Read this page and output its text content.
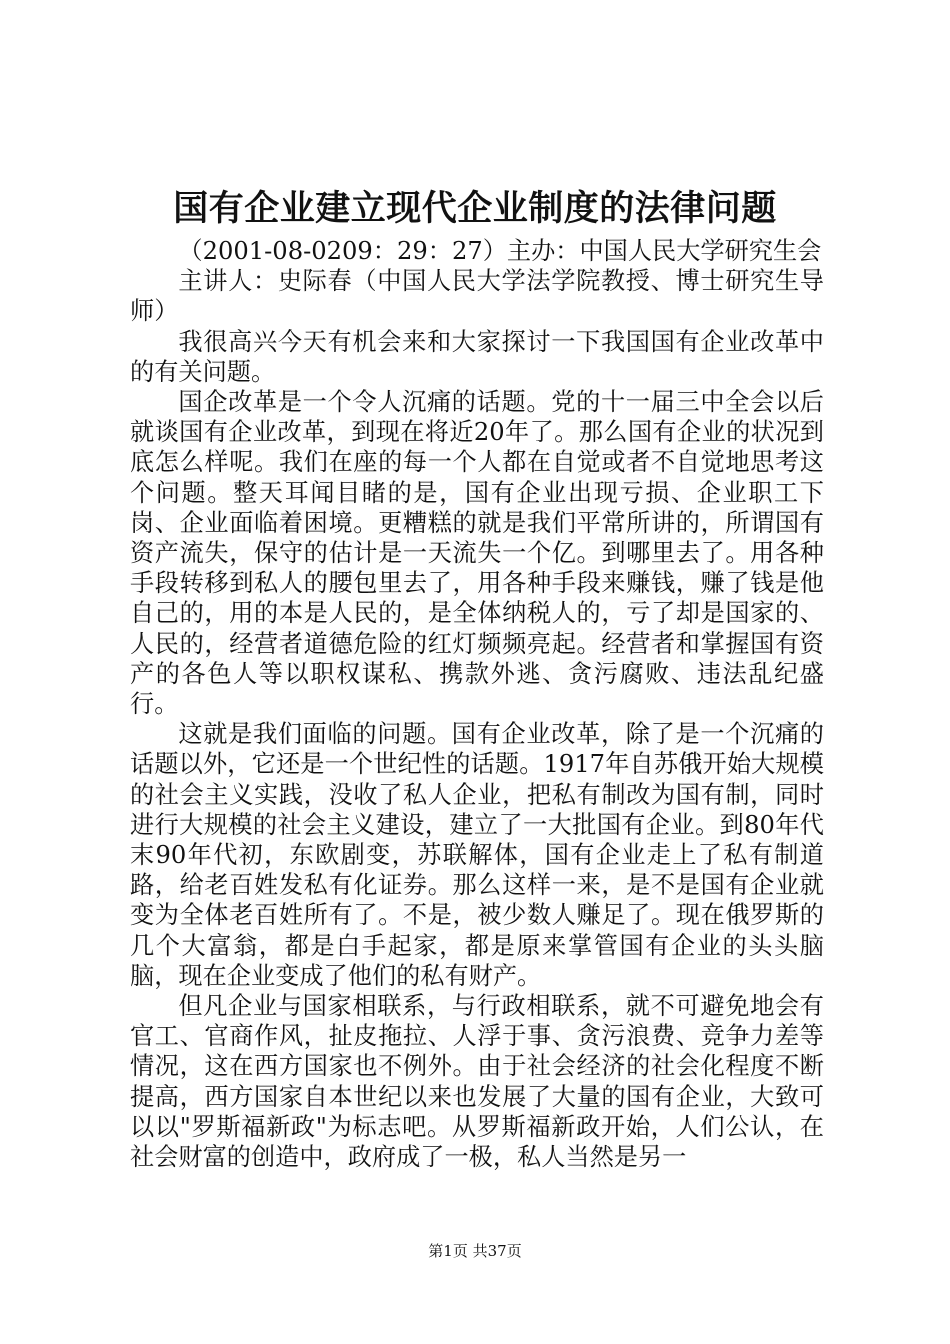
国有企业建立现代企业制度的法律问题

（2001-08-0209：29：27）主办：中国人民大学研究生会

主讲人：史际春（中国人民大学法学院教授、博士研究生导师）

我很高兴今天有机会来和大家探讨一下我国国有企业改革中的有关问题。

国企改革是一个令人沉痛的话题。党的十一届三中全会以后就谈国有企业改革，到现在将近20年了。那么国有企业的状况到底怎么样呢。我们在座的每一个人都在自觉或者不自觉地思考这个问题。整天耳闻目睹的是，国有企业出现亏损、企业职工下岗、企业面临着困境。更糟糕的就是我们平常所讲的，所谓国有资产流失，保守的估计是一天流失一个亿。到哪里去了。用各种手段转移到私人的腰包里去了，用各种手段来赚钱，赚了钱是他自己的，用的本是人民的，是全体纳税人的，亏了却是国家的、人民的，经营者道德危险的红灯频频亮起。经营者和掌握国有资产的各色人等以职权谋私、携款外逃、贪污腐败、违法乱纪盛行。

这就是我们面临的问题。国有企业改革，除了是一个沉痛的话题以外，它还是一个世纪性的话题。1917年自苏俄开始大规模的社会主义实践，没收了私人企业，把私有制改为国有制，同时进行大规模的社会主义建设，建立了一大批国有企业。到80年代末90年代初，东欧剧变，苏联解体，国有企业走上了私有制道路，给老百姓发私有化证券。那么这样一来，是不是国有企业就变为全体老百姓所有了。不是，被少数人赚足了。现在俄罗斯的几个大富翁，都是白手起家，都是原来掌管国有企业的头头脑脑，现在企业变成了他们的私有财产。

但凡企业与国家相联系，与行政相联系，就不可避免地会有官工、官商作风，扯皮拖拉、人浮于事、贪污浪费、竞争力差等情况，这在西方国家也不例外。由于社会经济的社会化程度不断提高，西方国家自本世纪以来也发展了大量的国有企业，大致可以以"罗斯福新政"为标志吧。从罗斯福新政开始，人们公认，在社会财富的创造中，政府成了一极，私人当然是另一

第1页 共37页
